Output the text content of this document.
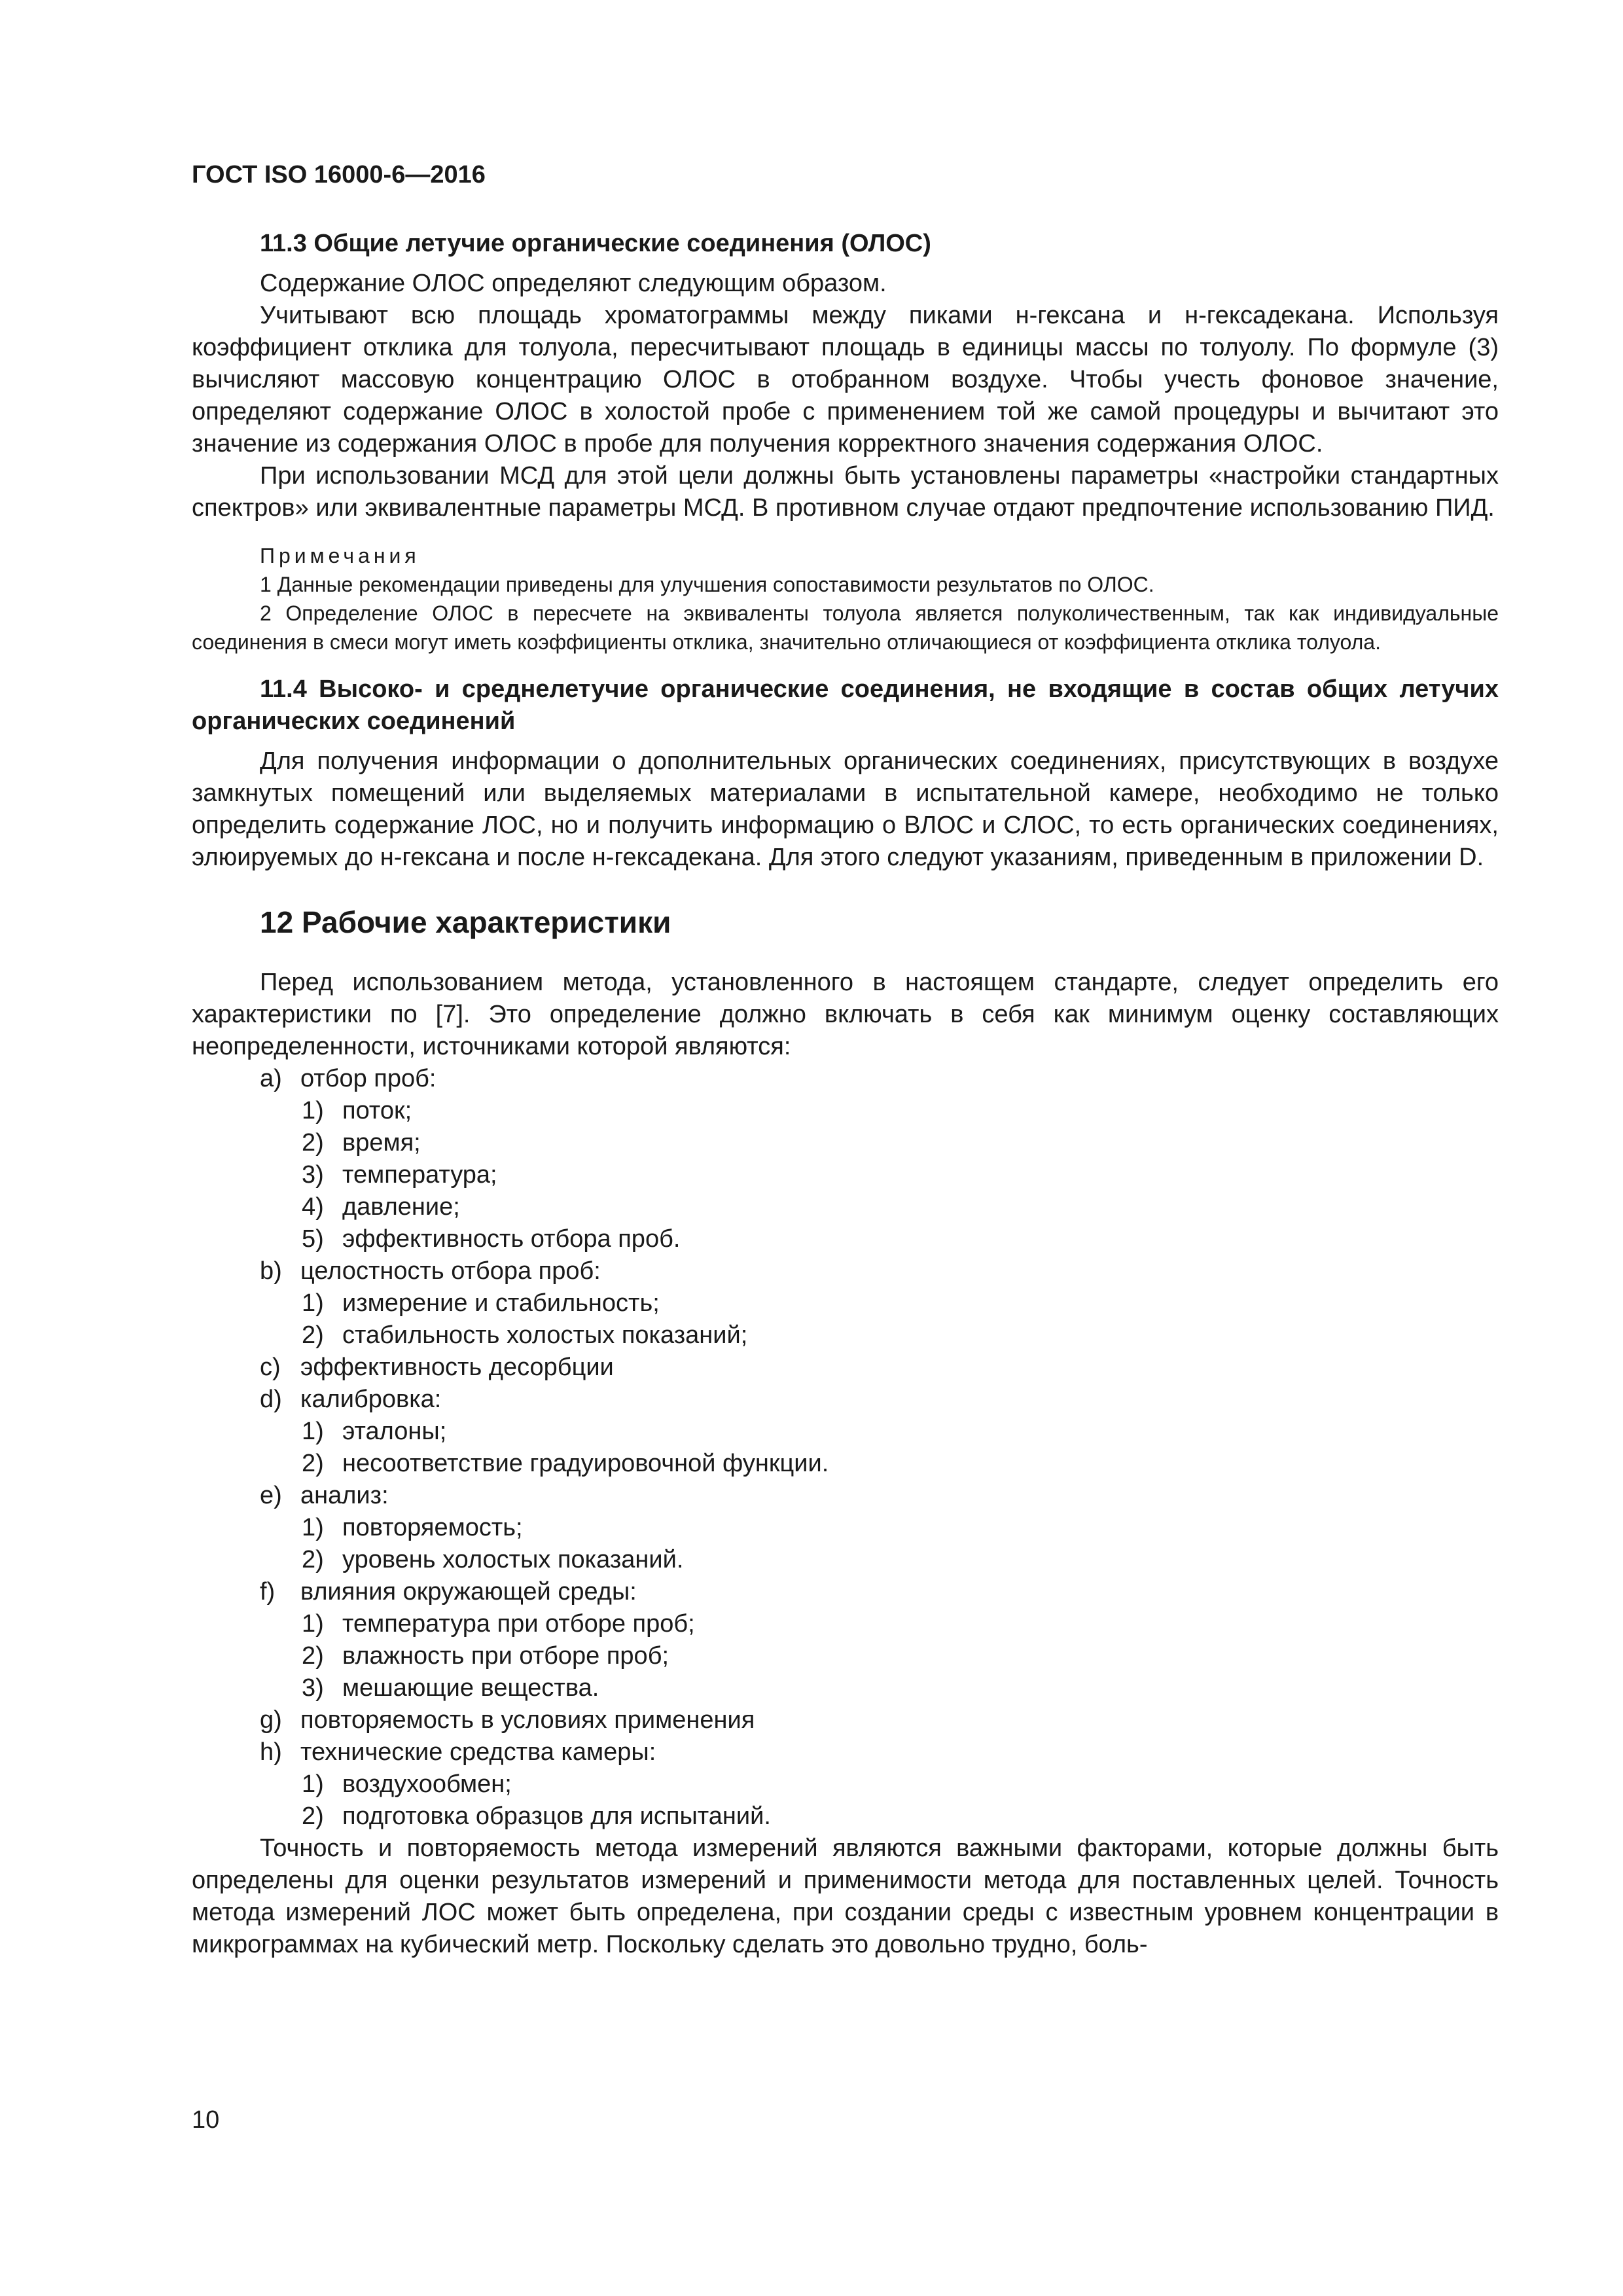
ГОСТ ISO 16000-6—2016

11.3 Общие летучие органические соединения (ОЛОС)

Содержание ОЛОС определяют следующим образом.

Учитывают всю площадь хроматограммы между пиками н-гексана и н-гексадекана. Используя коэффициент отклика для толуола, пересчитывают площадь в единицы массы по толуолу. По формуле (3) вычисляют массовую концентрацию ОЛОС в отобранном воздухе. Чтобы учесть фоновое значение, определяют содержание ОЛОС в холостой пробе с применением той же самой процедуры и вычитают это значение из содержания ОЛОС в пробе для получения корректного значения содержания ОЛОС.

При использовании МСД для этой цели должны быть установлены параметры «настройки стандартных спектров» или эквивалентные параметры МСД. В противном случае отдают предпочтение использованию ПИД.

Примечания

1 Данные рекомендации приведены для улучшения сопоставимости результатов по ОЛОС.

2 Определение ОЛОС в пересчете на эквиваленты толуола является полуколичественным, так как индивидуальные соединения в смеси могут иметь коэффициенты отклика, значительно отличающиеся от коэффициента отклика толуола.

11.4 Высоко- и среднелетучие органические соединения, не входящие в состав общих летучих органических соединений

Для получения информации о дополнительных органических соединениях, присутствующих в воздухе замкнутых помещений или выделяемых материалами в испытательной камере, необходимо не только определить содержание ЛОС, но и получить информацию о ВЛОС и СЛОС, то есть органических соединениях, элюируемых до н-гексана и после н-гексадекана. Для этого следуют указаниям, приведенным в приложении D.

12 Рабочие характеристики

Перед использованием метода, установленного в настоящем стандарте, следует определить его характеристики по [7]. Это определение должно включать в себя как минимум оценку составляющих неопределенности, источниками которой являются:

a) отбор проб:
1) поток;
2) время;
3) температура;
4) давление;
5) эффективность отбора проб.
b) целостность отбора проб:
1) измерение и стабильность;
2) стабильность холостых показаний;
c) эффективность десорбции
d) калибровка:
1) эталоны;
2) несоответствие градуировочной функции.
e) анализ:
1) повторяемость;
2) уровень холостых показаний.
f) влияния окружающей среды:
1) температура при отборе проб;
2) влажность при отборе проб;
3) мешающие вещества.
g) повторяемость в условиях применения
h) технические средства камеры:
1) воздухообмен;
2) подготовка образцов для испытаний.

Точность и повторяемость метода измерений являются важными факторами, которые должны быть определены для оценки результатов измерений и применимости метода для поставленных целей. Точность метода измерений ЛОС может быть определена, при создании среды с известным уровнем концентрации в микрограммах на кубический метр. Поскольку сделать это довольно трудно, боль-

10
